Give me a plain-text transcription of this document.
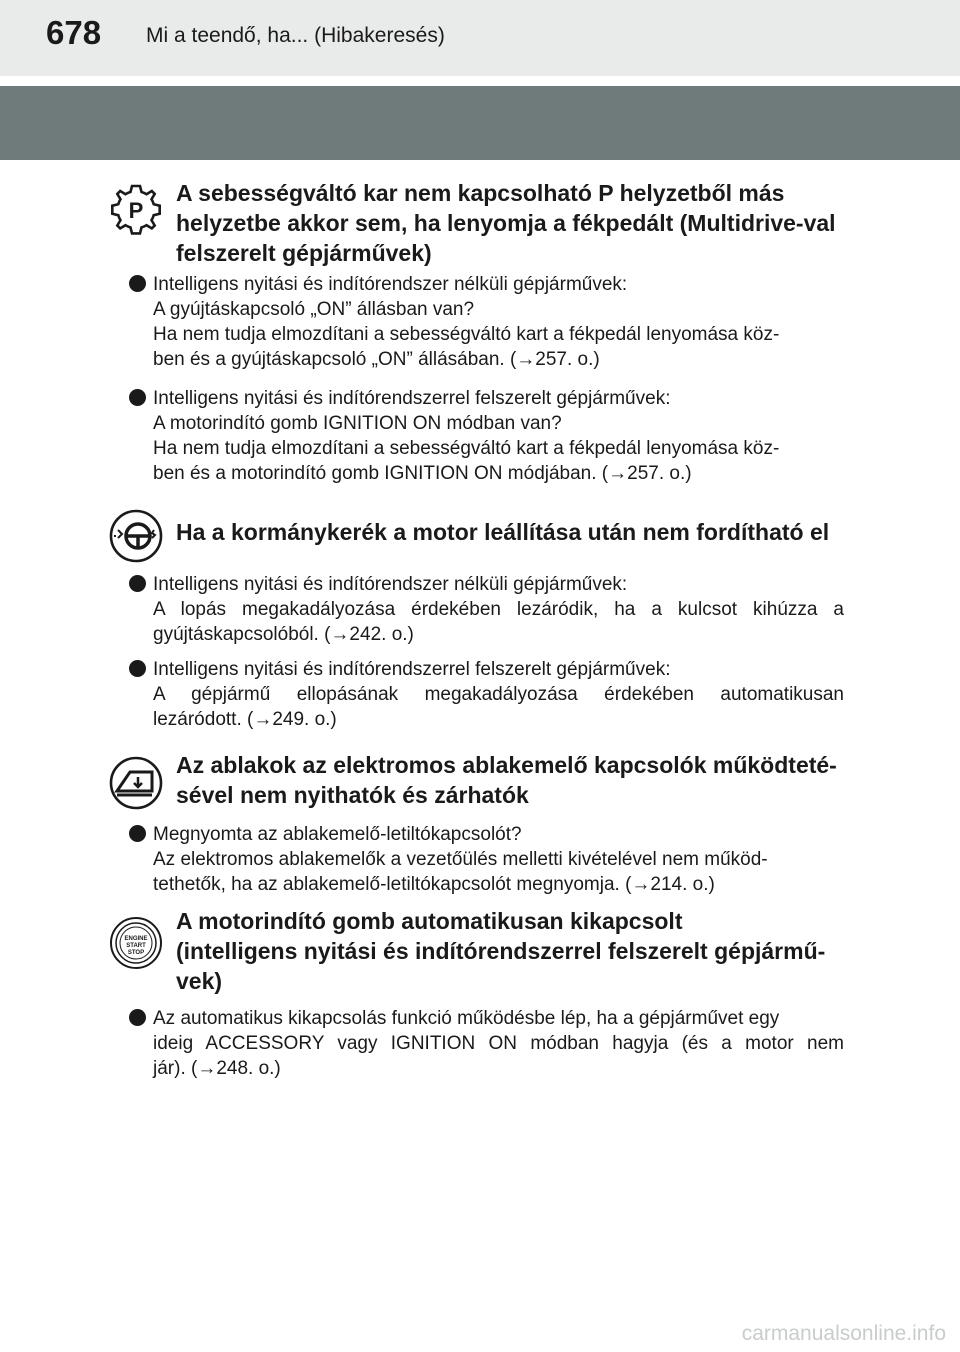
678 Mi a teendő, ha... (Hibakeresés)
P
A sebességváltó kar nem kapcsolható P helyzetből más
helyzetbe akkor sem, ha lenyomja a fékpedált (Multidrive-val
felszerelt gépjárművek)
Intelligens nyitási és indítórendszer nélküli gépjárművek:
A gyújtáskapcsoló „ON” állásban van?
Ha nem tudja elmozdítani a sebességváltó kart a fékpedál lenyomása köz-
ben és a gyújtáskapcsoló „ON” állásában. (→257. o.)
Intelligens nyitási és indítórendszerrel felszerelt gépjárművek:
A motorindító gomb IGNITION ON módban van?
Ha nem tudja elmozdítani a sebességváltó kart a fékpedál lenyomása köz-
ben és a motorindító gomb IGNITION ON módjában. (→257. o.)
Ha a kormánykerék a motor leállítása után nem fordítható el
Intelligens nyitási és indítórendszer nélküli gépjárművek:
A lopás megakadályozása érdekében lezáródik, ha a kulcsot kihúzza a
gyújtáskapcsolóból. (→242. o.)
Intelligens nyitási és indítórendszerrel felszerelt gépjárművek:
A gépjármű ellopásának megakadályozása érdekében automatikusan
lezáródott. (→249. o.)
Az ablakok az elektromos ablakemelő kapcsolók működteté-
sével nem nyithatók és zárhatók
Megnyomta az ablakemelő-letiltókapcsolót?
Az elektromos ablakemelők a vezetőülés melletti kivételével nem működ-
tethetők, ha az ablakemelő-letiltókapcsolót megnyomja. (→214. o.)
ENGINE
START
STOP
A motorindító gomb automatikusan kikapcsolt
(intelligens nyitási és indítórendszerrel felszerelt gépjármű-
vek)
Az automatikus kikapcsolás funkció működésbe lép, ha a gépjárművet egy
ideig ACCESSORY vagy IGNITION ON módban hagyja (és a motor nem
jár). (→248. o.)
carmanualsonline.info
